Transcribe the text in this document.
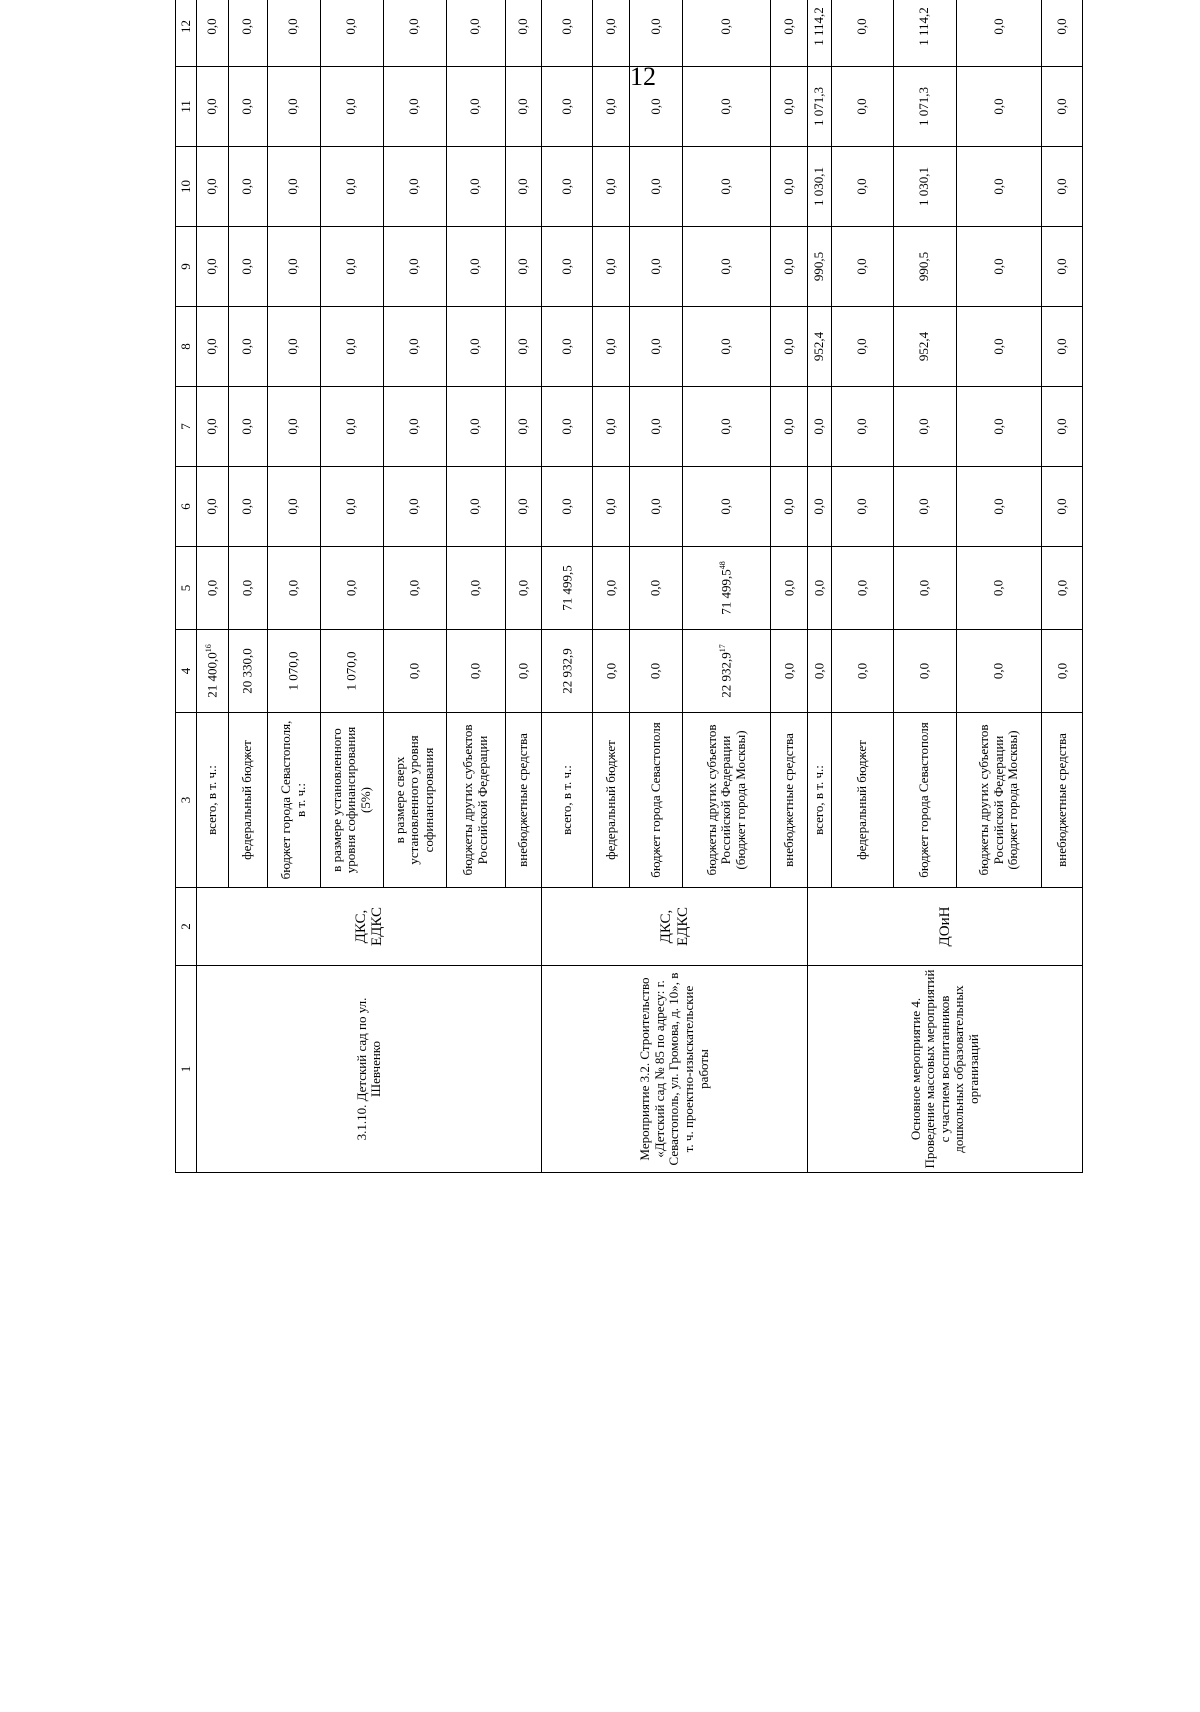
12
1	2	3	4	5	6	7	8	9	10	11	12	
3.1.10. Детский сад по ул. Шевченко	ДКС, ЕДКС	всего, в т. ч.:	21 400,0$^{16}$	0,0	0,0	0,0	0,0	0,0	0,0	0,0	0,0	
		федеральный бюджет	20 330,0	0,0	0,0	0,0	0,0	0,0	0,0	0,0	0,0	
		бюджет города Севастополя, в т. ч.:	1 070,0	0,0	0,0	0,0	0,0	0,0	0,0	0,0	0,0	
		в размере установленного уровня софинансирования (5%)	1 070,0	0,0	0,0	0,0	0,0	0,0	0,0	0,0	0,0	
		в размере сверх установленного уровня софинансирования	0,0	0,0	0,0	0,0	0,0	0,0	0,0	0,0	0,0	
		бюджеты других субъектов Российской Федерации	0,0	0,0	0,0	0,0	0,0	0,0	0,0	0,0	0,0	
		внебюджетные средства	0,0	0,0	0,0	0,0	0,0	0,0	0,0	0,0	0,0	
Мероприятие 3.2. Строительство «Детский сад № 85 по адресу: г. Севастополь, ул. Громова, д. 10», в т. ч. проектно-изыскательские работы	ДКС, ЕДКС	всего, в т. ч.:	22 932,9	71 499,5	0,0	0,0	0,0	0,0	0,0	0,0	0,0	
		федеральный бюджет	0,0	0,0	0,0	0,0	0,0	0,0	0,0	0,0	0,0	
		бюджет города Севастополя	0,0	0,0	0,0	0,0	0,0	0,0	0,0	0,0	0,0	
		бюджеты других субъектов Российской Федерации (бюджет города Москвы)	22 932,9$^{17}$	71 499,5$^{48}$	0,0	0,0	0,0	0,0	0,0	0,0	0,0	
		внебюджетные средства	0,0	0,0	0,0	0,0	0,0	0,0	0,0	0,0	0,0	
Основное мероприятие 4. Проведение массовых мероприятий с участием воспитанников дошкольных образовательных организаций	ДОиН	всего, в т. ч.:	0,0	0,0	0,0	0,0	952,4	990,5	1 030,1	1 071,3	1 114,2	
		федеральный бюджет	0,0	0,0	0,0	0,0	0,0	0,0	0,0	0,0	0,0	
		бюджет города Севастополя	0,0	0,0	0,0	0,0	952,4	990,5	1 030,1	1 071,3	1 114,2	
		бюджеты других субъектов Российской Федерации (бюджет города Москвы)	0,0	0,0	0,0	0,0	0,0	0,0	0,0	0,0	0,0	
		внебюджетные средства	0,0	0,0	0,0	0,0	0,0	0,0	0,0	0,0	0,0	
